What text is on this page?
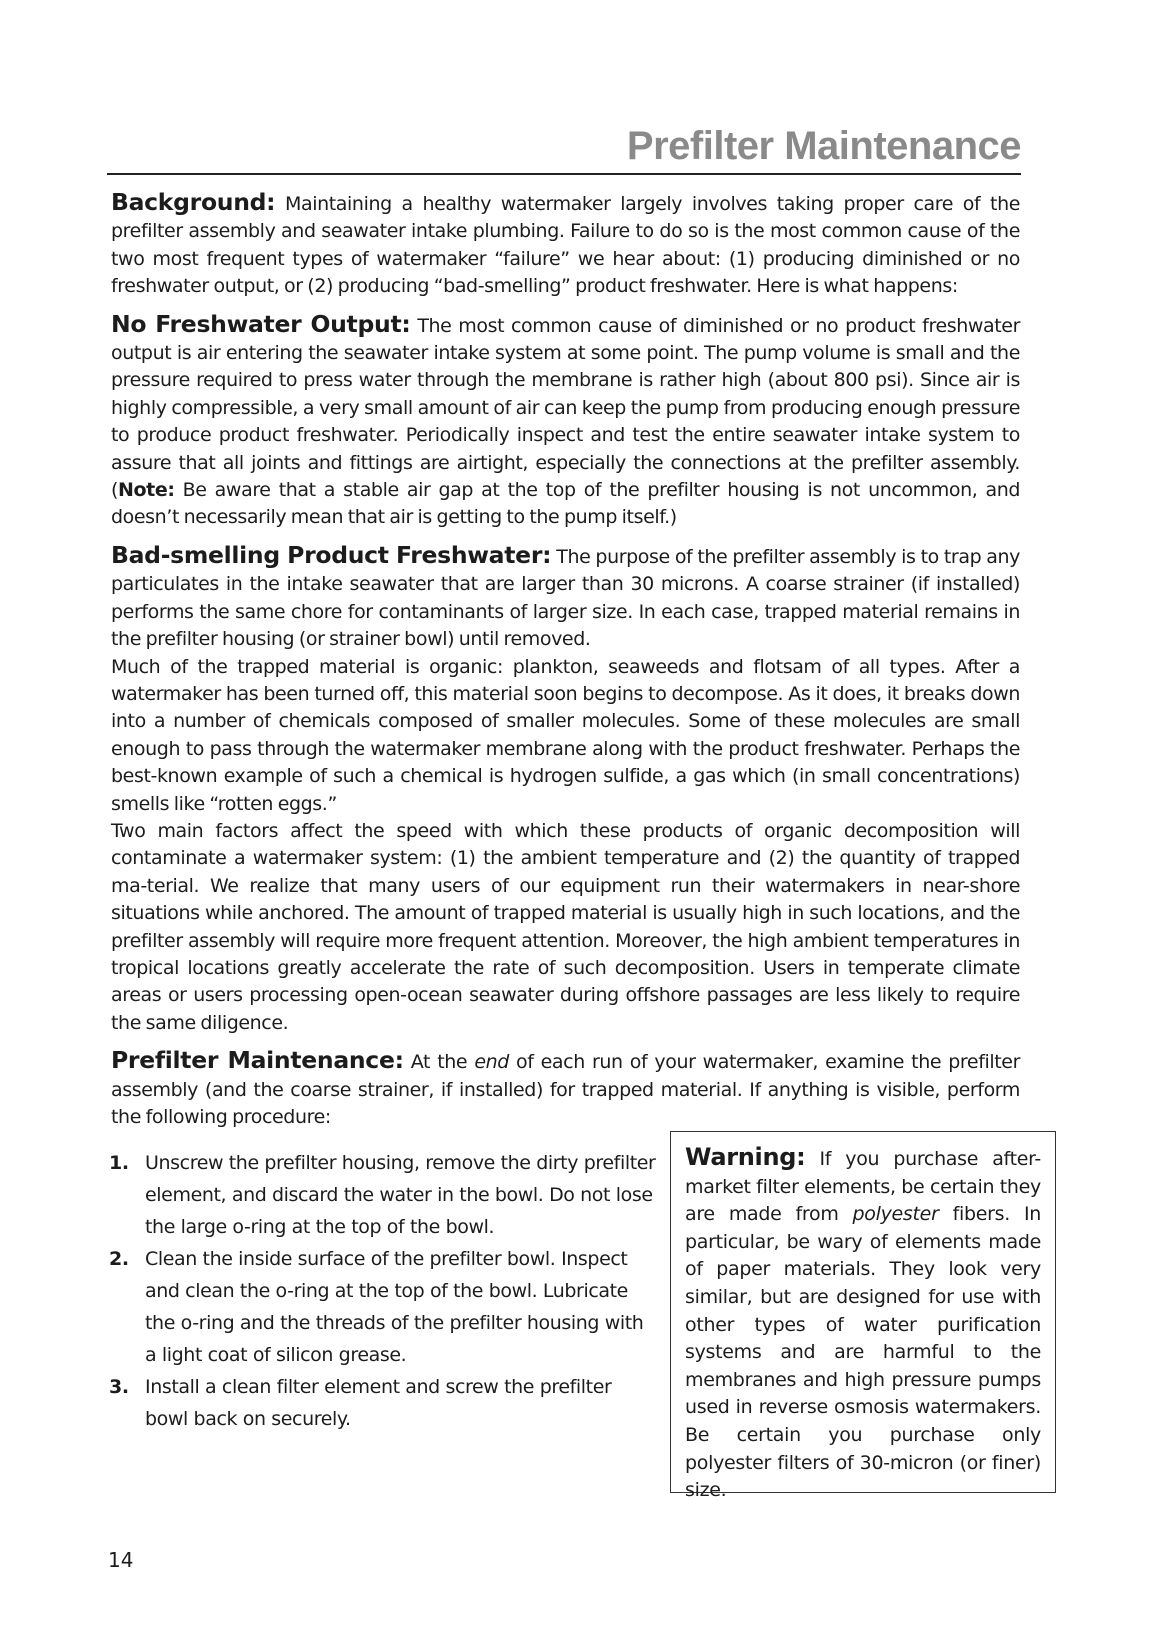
Prefilter Maintenance

Background: Maintaining a healthy watermaker largely involves taking proper care of the prefilter assembly and seawater intake plumbing. Failure to do so is the most common cause of the two most frequent types of watermaker “failure” we hear about: (1) producing diminished or no freshwater output, or (2) producing “bad-smelling” product freshwater. Here is what happens:

No Freshwater Output: The most common cause of diminished or no product freshwater output is air entering the seawater intake system at some point. The pump volume is small and the pressure required to press water through the membrane is rather high (about 800 psi). Since air is highly compressible, a very small amount of air can keep the pump from producing enough pressure to produce product freshwater. Periodically inspect and test the entire seawater intake system to assure that all joints and fittings are airtight, especially the connections at the prefilter assembly. (Note: Be aware that a stable air gap at the top of the prefilter housing is not uncommon, and doesn’t necessarily mean that air is getting to the pump itself.)

Bad-smelling Product Freshwater: The purpose of the prefilter assembly is to trap any particulates in the intake seawater that are larger than 30 microns. A coarse strainer (if installed) performs the same chore for contaminants of larger size. In each case, trapped material remains in the prefilter housing (or strainer bowl) until removed.

Much of the trapped material is organic: plankton, seaweeds and flotsam of all types. After a watermaker has been turned off, this material soon begins to decompose. As it does, it breaks down into a number of chemicals composed of smaller molecules. Some of these molecules are small enough to pass through the watermaker membrane along with the product freshwater. Perhaps the best-known example of such a chemical is hydrogen sulfide, a gas which (in small concentrations) smells like “rotten eggs.”

Two main factors affect the speed with which these products of organic decomposition will contaminate a watermaker system: (1) the ambient temperature and (2) the quantity of trapped ma-terial. We realize that many users of our equipment run their watermakers in near-shore situations while anchored. The amount of trapped material is usually high in such locations, and the prefilter assembly will require more frequent attention. Moreover, the high ambient temperatures in tropical locations greatly accelerate the rate of such decomposition. Users in temperate climate areas or users processing open-ocean seawater during offshore passages are less likely to require the same diligence.

Prefilter Maintenance: At the end of each run of your watermaker, examine the prefilter assembly (and the coarse strainer, if installed) for trapped material. If anything is visible, perform the following procedure:

1. Unscrew the prefilter housing, remove the dirty prefilter element, and discard the water in the bowl. Do not lose the large o-ring at the top of the bowl.
2. Clean the inside surface of the prefilter bowl. Inspect and clean the o-ring at the top of the bowl. Lubricate the o-ring and the threads of the prefilter housing with a light coat of silicon grease.
3. Install a clean filter element and screw the prefilter bowl back on securely.
Warning: If you purchase after-market filter elements, be certain they are made from polyester fibers. In particular, be wary of elements made of paper materials. They look very similar, but are designed for use with other types of water purification systems and are harmful to the membranes and high pressure pumps used in reverse osmosis watermakers. Be certain you purchase only polyester filters of 30-micron (or finer) size.
14
